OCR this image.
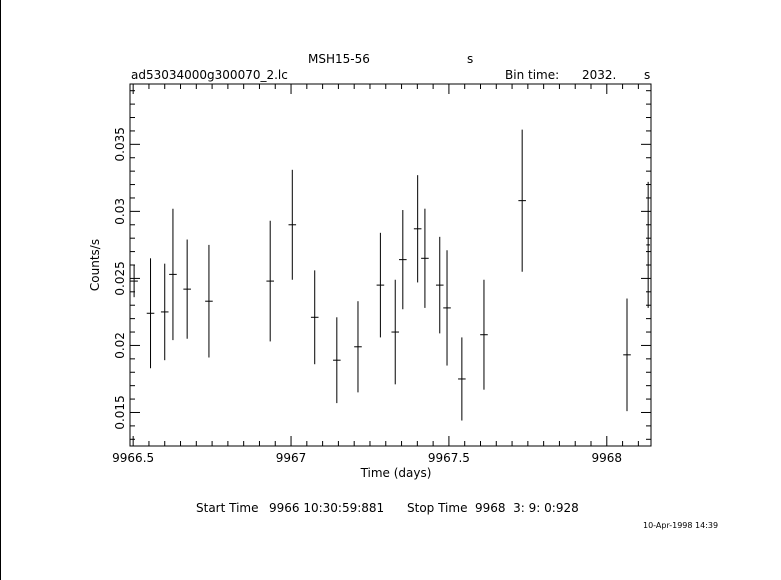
MSH15-56	s
ad53034000g300070_2.lc	Bin time: 2032. s
9966.5	9967	9967.5	9968
0.015
0.02
0.025
0.03
0.035
Time (days)
Counts/s
Start Time 9966 10:30:59:881 Stop Time 9968  3: 9: 0:928
10-Apr-1998 14:39
